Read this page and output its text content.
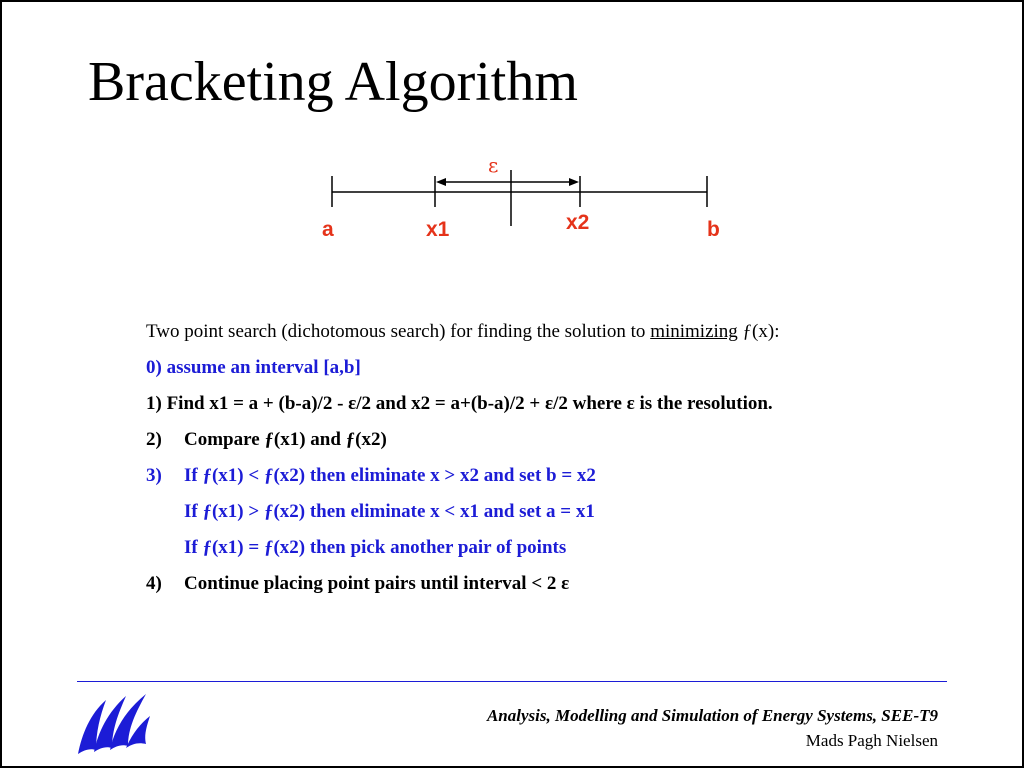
Bracketing Algorithm
ε
a	x1	x2	b
Two point search (dichotomous search) for finding the solution to minimizing ƒ(x):
0) assume an interval [a,b]
1) Find x1 = a + (b-a)/2 - ε/2 and x2 = a+(b-a)/2 + ε/2 where ε is the resolution.
2) Compare ƒ(x1) and ƒ(x2)
3) If ƒ(x1) < ƒ(x2) then eliminate x > x2 and set b = x2
If ƒ(x1) > ƒ(x2) then eliminate x < x1 and set a = x1
If ƒ(x1) = ƒ(x2) then pick another pair of points
4) Continue placing point pairs until interval < 2 ε
Analysis, Modelling and Simulation of Energy Systems, SEE-T9
Mads Pagh Nielsen
